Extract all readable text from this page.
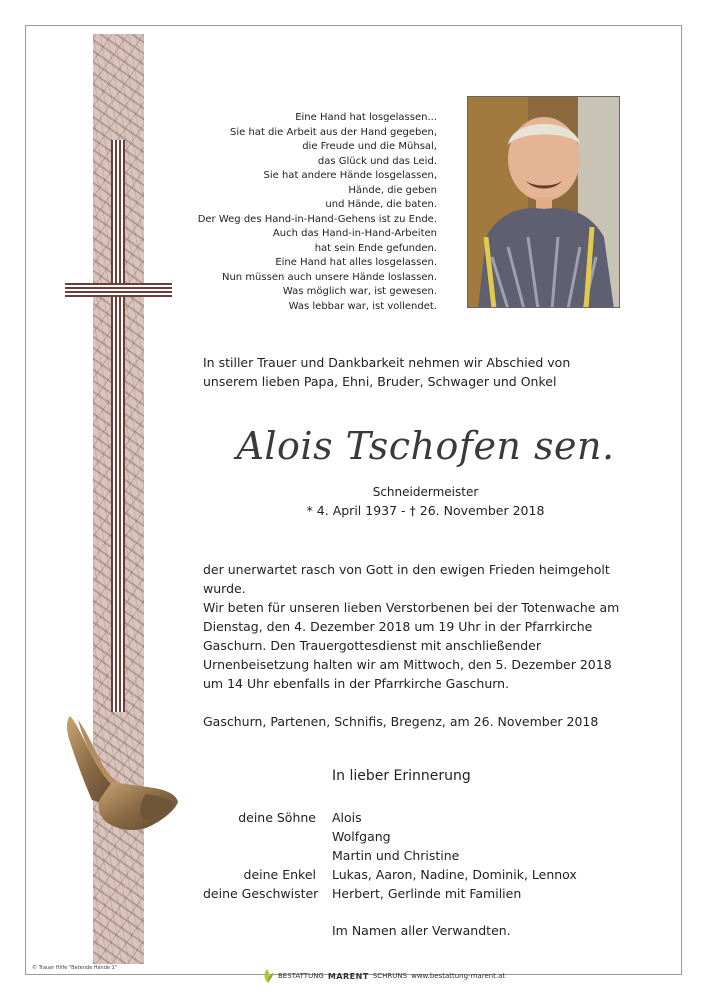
Eine Hand hat losgelassen...
Sie hat die Arbeit aus der Hand gegeben,
die Freude und die Mühsal,
das Glück und das Leid.
Sie hat andere Hände losgelassen,
Hände, die geben
und Hände, die baten.
Der Weg des Hand-in-Hand-Gehens ist zu Ende.
Auch das Hand-in-Hand-Arbeiten
hat sein Ende gefunden.
Eine Hand hat alles losgelassen.
Nun müssen auch unsere Hände loslassen.
Was möglich war, ist gewesen.
Was lebbar war, ist vollendet.
In stiller Trauer und Dankbarkeit nehmen wir Abschied von unserem lieben Papa, Ehni, Bruder, Schwager und Onkel
Alois Tschofen sen.
Schneidermeister
* 4. April 1937 - † 26. November 2018
der unerwartet rasch von Gott in den ewigen Frieden heimgeholt wurde.
Wir beten für unseren lieben Verstorbenen bei der Totenwache am Dienstag, den 4. Dezember 2018 um 19 Uhr in der Pfarrkirche Gaschurn. Den Trauergottesdienst mit anschließender Urnenbeisetzung halten wir am Mittwoch, den 5. Dezember 2018 um 14 Uhr ebenfalls in der Pfarrkirche Gaschurn.
Gaschurn, Partenen, Schnifis, Bregenz, am 26. November 2018
In lieber Erinnerung
deine Söhne	Alois
Wolfgang
Martin und Christine
deine Enkel	Lukas, Aaron, Nadine, Dominik, Lennox
deine Geschwister	Herbert, Gerlinde mit Familien
Im Namen aller Verwandten.
© Trauer Hilfe "Betende Hände 1"
BESTATTUNG MARENT SCHRUNS www.bestattung-marent.at
